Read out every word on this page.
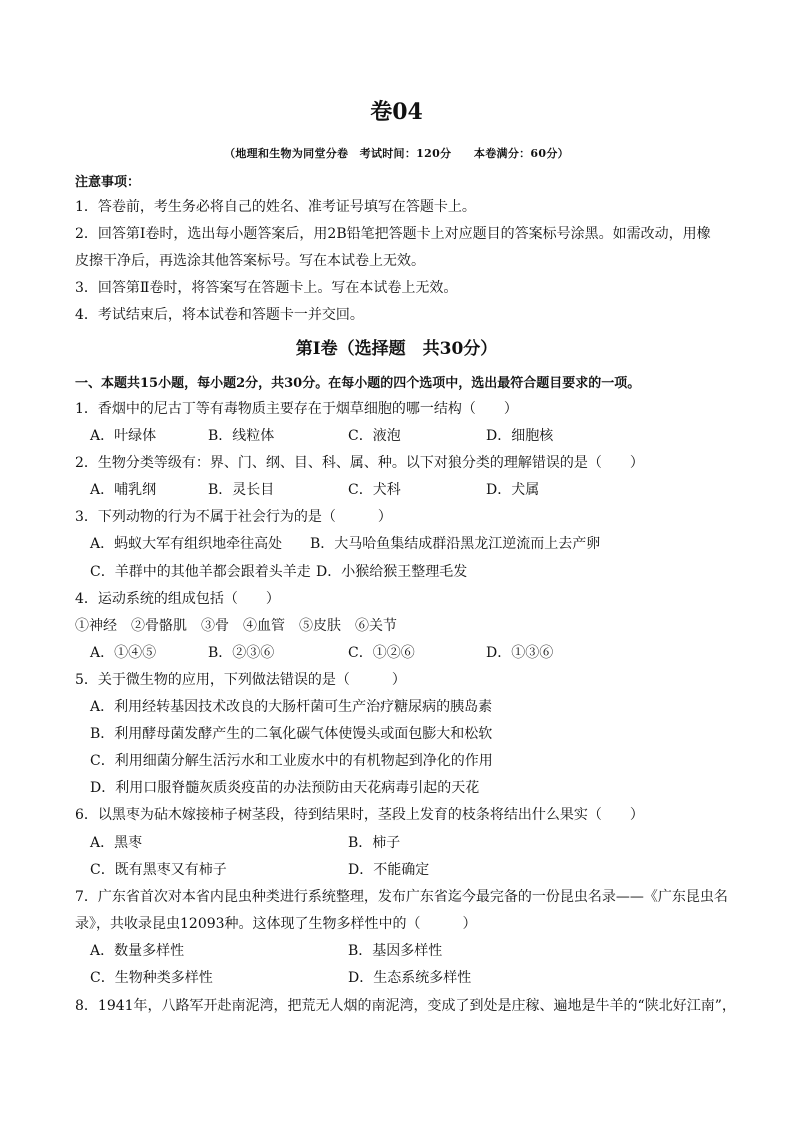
卷04
（地理和生物为同堂分卷　考试时间：120分　　本卷满分：60分）
注意事项：
1．答卷前，考生务必将自己的姓名、准考证号填写在答题卡上。
2．回答第Ⅰ卷时，选出每小题答案后，用2B铅笔把答题卡上对应题目的答案标号涂黑。如需改动，用橡
皮擦干净后，再选涂其他答案标号。写在本试卷上无效。
3．回答第Ⅱ卷时，将答案写在答题卡上。写在本试卷上无效。
4．考试结束后，将本试卷和答题卡一并交回。
第Ⅰ卷（选择题　共30分）
一、本题共15小题，每小题2分，共30分。在每小题的四个选项中，选出最符合题目要求的一项。
1．香烟中的尼古丁等有毒物质主要存在于烟草细胞的哪一结构（　　）
A．叶绿体	B．线粒体	C．液泡	D．细胞核
2．生物分类等级有：界、门、纲、目、科、属、种。以下对狼分类的理解错误的是（　　）
A．哺乳纲	B．灵长目	C．犬科	D．犬属
3．下列动物的行为不属于社会行为的是（　　　）
A．蚂蚁大军有组织地牵往高处 B．大马哈鱼集结成群沿黑龙江逆流而上去产卵
C．羊群中的其他羊都会跟着头羊走 D．小猴给猴王整理毛发
4．运动系统的组成包括（　　）
①神经　②骨骼肌　③骨　④血管　⑤皮肤　⑥关节
A．①④⑤	B．②③⑥	C．①②⑥	D．①③⑥
5．关于微生物的应用，下列做法错误的是（　　　）
A．利用经转基因技术改良的大肠杆菌可生产治疗糖尿病的胰岛素
B．利用酵母菌发酵产生的二氧化碳气体使馒头或面包膨大和松软
C．利用细菌分解生活污水和工业废水中的有机物起到净化的作用
D．利用口服脊髓灰质炎疫苗的办法预防由天花病毒引起的天花
6．以黑枣为砧木嫁接柿子树茎段，待到结果时，茎段上发育的枝条将结出什么果实（　　）
A．黑枣	B．柿子
C．既有黑枣又有柿子	D．不能确定
7．广东省首次对本省内昆虫种类进行系统整理，发布广东省迄今最完备的一份昆虫名录——《广东昆虫名
录》，共收录昆虫12093种。这体现了生物多样性中的（　　　）
A．数量多样性	B．基因多样性
C．生物种类多样性	D．生态系统多样性
8．1941年，八路军开赴南泥湾，把荒无人烟的南泥湾，变成了到处是庄稼、遍地是牛羊的“陕北好江南”，
